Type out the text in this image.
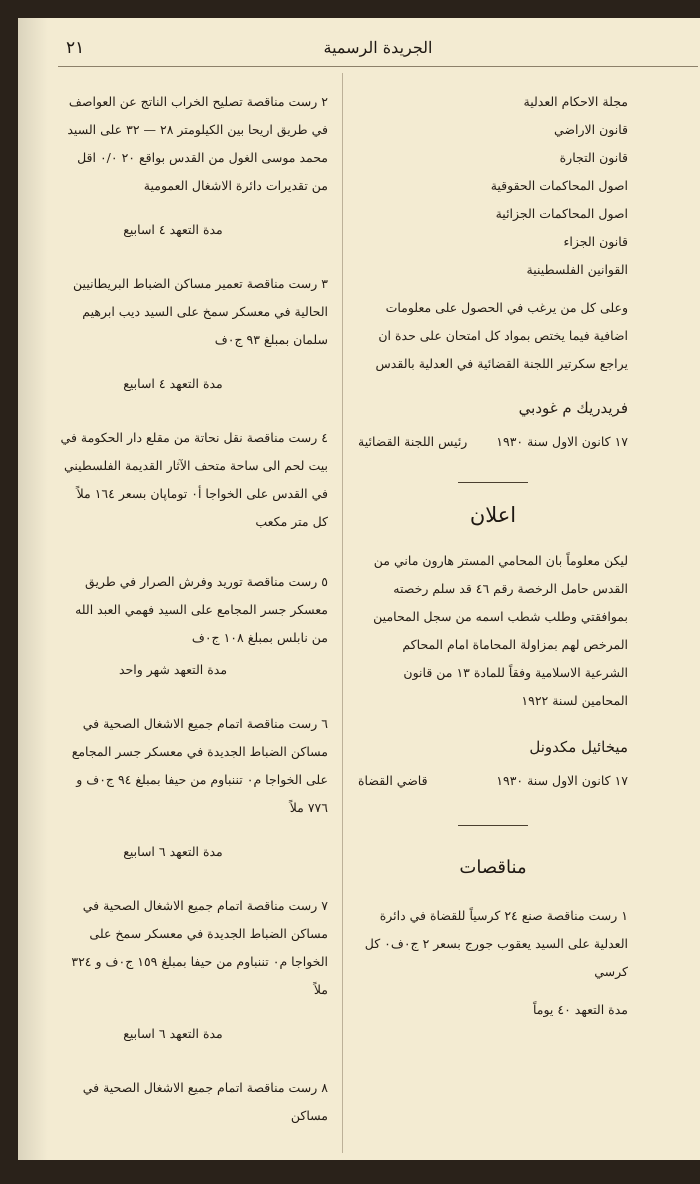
الجريدة الرسمية
٢١
مجلة الاحكام العدلية
قانون الاراضي
قانون التجارة
اصول المحاكمات الحقوقية
اصول المحاكمات الجزائية
قانون الجزاء
القوانين الفلسطينية

وعلى كل من يرغب في الحصول على معلومات اضافية فيما يختص بمواد كل امتحان على حدة ان يراجع سكرتير اللجنة القضائية في العدلية بالقدس

فريدريك م غودبي
١٧ كانون الاول سنة ١٩٣٠
رئيس اللجنة القضائية
اعلان

ليكن معلوماً بان المحامي المستر هارون ماني من القدس حامل الرخصة رقم ٤٦ قد سلم رخصته بموافقتي وطلب شطب اسمه من سجل المحامين المرخص لهم بمزاولة المحاماة امام المحاكم الشرعية الاسلامية وفقاً للمادة ١٣ من قانون المحامين لسنة ١٩٢٢

ميخائيل مكدونل
١٧ كانون الاول سنة ١٩٣٠
قاضي القضاة
مناقصات

١ رست مناقصة صنع ٢٤ كرسياً للقضاة في دائرة العدلية على السيد يعقوب جورج بسعر ٢ ج٠ف٠ كل كرسي

مدة التعهد ٤٠ يوماً

٢ رست مناقصة تصليح الخراب الناتج عن العواصف في طريق اريحا بين الكيلومتر ٢٨ — ٣٢ على السيد محمد موسى الغول من القدس بواقع ٢٠ ٠/٠ اقل من تقديرات دائرة الاشغال العمومية

مدة التعهد ٤ اسابيع

٣ رست مناقصة تعمير مساكن الضباط البريطانيين الحالية في معسكر سمخ على السيد ديب ابرهيم سلمان بمبلغ ٩٣ ج٠ف

مدة التعهد ٤ اسابيع

٤ رست مناقصة نقل نحاتة من مقلع دار الحكومة في بيت لحم الى ساحة متحف الآثار القديمة الفلسطيني في القدس على الخواجا أ٠ توماپان بسعر ١٦٤ ملاً كل متر مكعب

٥ رست مناقصة توريد وفرش الصرار في طريق معسكر جسر المجامع على السيد فهمي العبد الله من نابلس بمبلغ ١٠٨ ج٠ف

مدة التعهد شهر واحد

٦ رست مناقصة اتمام جميع الاشغال الصحية في مساكن الضباط الجديدة في معسكر جسر المجامع على الخواجا م٠ تننباوم من حيفا بمبلغ ٩٤ ج٠ف و ٧٧٦ ملاً

مدة التعهد ٦ اسابيع

٧ رست مناقصة اتمام جميع الاشغال الصحية في مساكن الضباط الجديدة في معسكر سمخ على الخواجا م٠ تننباوم من حيفا بمبلغ ١٥٩ ج٠ف و ٣٢٤ ملاً

مدة التعهد ٦ اسابيع

٨ رست مناقصة اتمام جميع الاشغال الصحية في مساكن
